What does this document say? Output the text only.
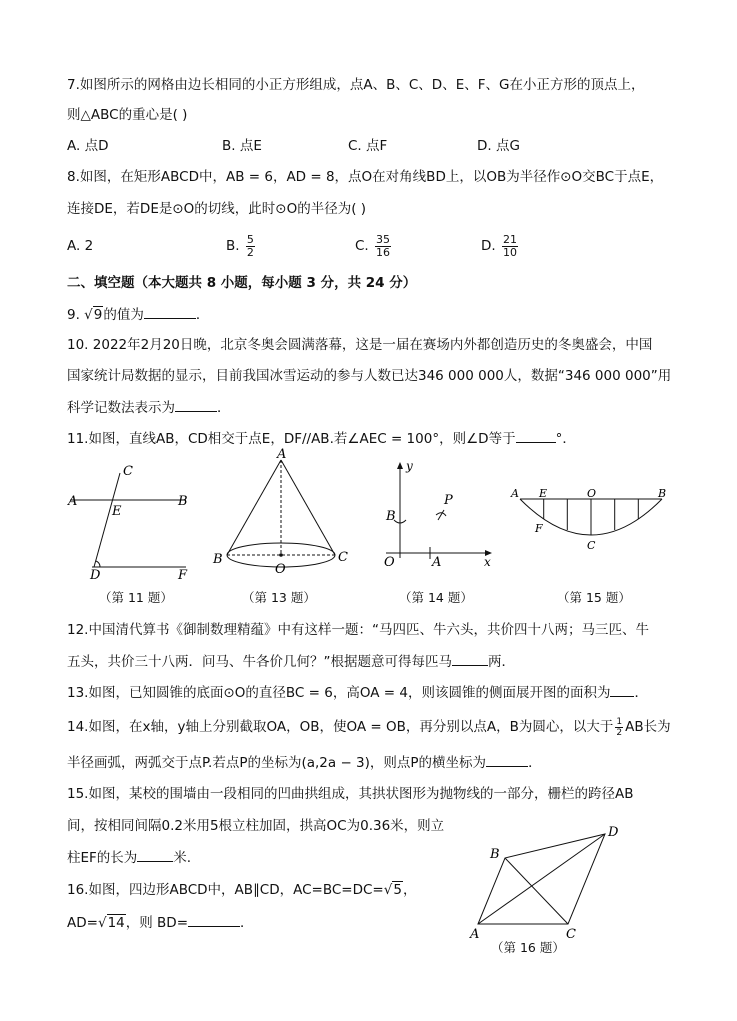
7.如图所示的网格由边长相同的小正方形组成，点A、B、C、D、E、F、G在小正方形的顶点上，
则△ABC的重心是( )
A. 点D	B. 点E	C. 点F	D. 点G
8.如图，在矩形ABCD中，AB = 6，AD = 8，点O在对角线BD上，以OB为半径作⊙O交BC于点E，
连接DE，若DE是⊙O的切线，此时⊙O的半径为( )
A. 2	B. $\frac{5}{2}$	C. $\frac{35}{16}$	D. $\frac{21}{10}$
二、填空题（本大题共 8 小题，每小题 3 分，共 24 分）
9. √9的值为	．
10. 2022年2月20日晚，北京冬奥会圆满落幕，这是一届在赛场内外都创造历史的冬奥盛会，中国
国家统计局数据的显示，目前我国冰雪运动的参与人数已达346 000 000人，数据“346 000 000”用
科学记数法表示为	．
11.如图，直线AB，CD相交于点E，DF//AB.若∠AEC = 100°，则∠D等于	°．
C
A	B
E
D	F
A
B
O
C
y
P
B
O	A	x
A E	O	B
F
C
（第 11 题）	（第 13 题）	（第 14 题）	（第 15 题）
12.中国清代算书《御制数理精蕴》中有这样一题：“马四匹、牛六头，共价四十八两；马三匹、牛
五头，共价三十八两．问马、牛各价几何？”根据题意可得每匹马	两．
13.如图，已知圆锥的底面⊙O的直径BC = 6，高OA = 4，则该圆锥的侧面展开图的面积为 ．
14.如图，在x轴，y轴上分别截取OA，OB，使OA = OB，再分别以点A，B为圆心，以大于 $\frac{1}{2}$ AB长为
半径画弧，两弧交于点P.若点P的坐标为(a,2a − 3)，则点P的横坐标为	．
15.如图，某校的围墙由一段相同的凹曲拱组成，其拱状图形为抛物线的一部分，栅栏的跨径AB
间，按相同间隔0.2米用5根立柱加固，拱高OC为0.36米，则立
柱EF的长为	米.
16.如图，四边形ABCD中，AB∥CD，AC=BC=DC=√5，
AD=√14，则 BD=	．
D
B
A	C
（第 16 题）
